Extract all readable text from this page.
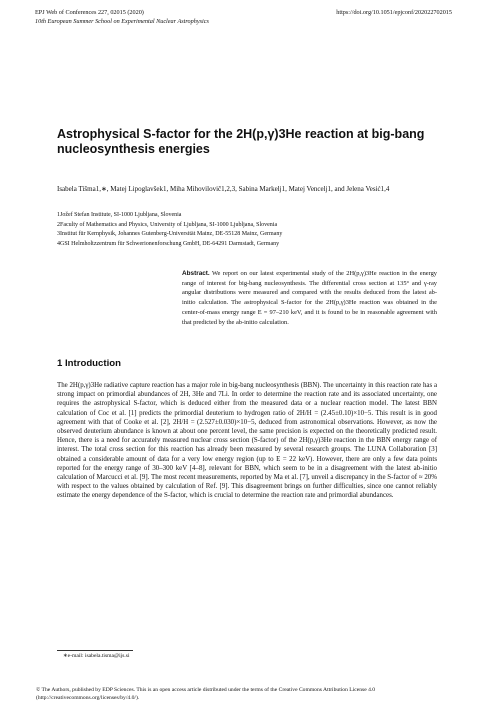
EPJ Web of Conferences 227, 02015 (2020)	https://doi.org/10.1051/epjconf/202022702015
10th European Summer School on Experimental Nuclear Astrophysics
Astrophysical S-factor for the 2H(p,γ)3He reaction at big-bang nucleosynthesis energies
Isabela Tišma1,∗, Matej Lipoglavšek1, Miha Mihovilovič1,2,3, Sabina Markelj1, Matej Vencelj1, and Jelena Vesić1,4

1Jožef Stefan Institute, SI-1000 Ljubljana, Slovenia

2Faculty of Mathematics and Physics, University of Ljubljana, SI-1000 Ljubljana, Slovenia

3Institut für Kernphysik, Johannes Gutenberg-Universität Mainz, DE-55128 Mainz, Germany

4GSI Helmholtzzentrum für Schwerionenforschung GmbH, DE-64291 Darmstadt, Germany

Abstract. We report on our latest experimental study of the 2H(p,γ)3He reaction in the energy range of interest for big-bang nucleosynthesis. The differential cross section at 135° and γ-ray angular distributions were measured and compared with the results deduced from the latest ab-initio calculation. The astrophysical S-factor for the 2H(p,γ)3He reaction was obtained in the center-of-mass energy range E = 97–210 keV, and it is found to be in reasonable agreement with that predicted by the ab-initio calculation.
1 Introduction

The 2H(p,γ)3He radiative capture reaction has a major role in big-bang nucleosynthesis (BBN). The uncertainty in this reaction rate has a strong impact on primordial abundances of 2H, 3He and 7Li. In order to determine the reaction rate and its associated uncertainty, one requires the astrophysical S-factor, which is deduced either from the measured data or a nuclear reaction model. The latest BBN calculation of Coc et al. [1] predicts the primordial deuterium to hydrogen ratio of 2H/H = (2.45±0.10)×10−5. This result is in good agreement with that of Cooke et al. [2], 2H/H = (2.527±0.030)×10−5, deduced from astronomical observations. However, as now the observed deuterium abundance is known at about one percent level, the same precision is expected on the theoretically predicted result. Hence, there is a need for accurately measured nuclear cross section (S-factor) of the 2H(p,γ)3He reaction in the BBN energy range of interest. The total cross section for this reaction has already been measured by several research groups. The LUNA Collaboration [3] obtained a considerable amount of data for a very low energy region (up to E = 22 keV). However, there are only a few data points reported for the energy range of 30–300 keV [4–8], relevant for BBN, which seem to be in a disagreement with the latest ab-initio calculation of Marcucci et al. [9]. The most recent measurements, reported by Ma et al. [7], unveil a discrepancy in the S-factor of ≈ 20% with respect to the values obtained by calculation of Ref. [9]. This disagreement brings on further difficulties, since one cannot reliably estimate the energy dependence of the S-factor, which is crucial to determine the reaction rate and primordial abundances.

∗e-mail: isabela.tisma@ijs.si
© The Authors, published by EDP Sciences. This is an open access article distributed under the terms of the Creative Commons Attribution License 4.0 (http://creativecommons.org/licenses/by/4.0/).
